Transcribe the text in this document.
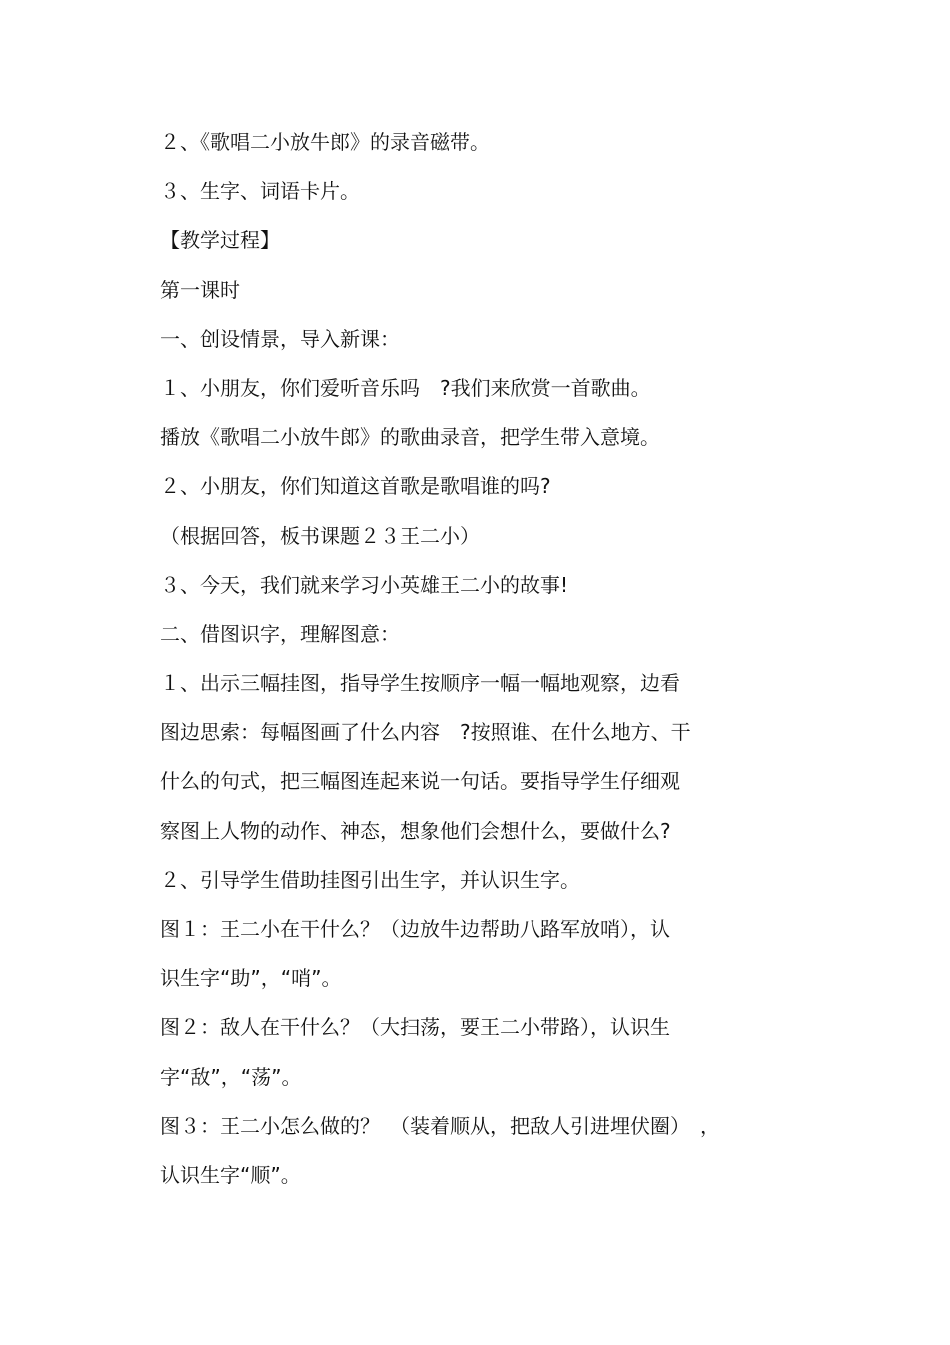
２、《歌唱二小放牛郎》的录音磁带。
３、生字、词语卡片。
【教学过程】
第一课时
一、创设情景，导入新课：
１、小朋友，你们爱听音乐吗　?我们来欣赏一首歌曲。
播放《歌唱二小放牛郎》的歌曲录音，把学生带入意境。
２、小朋友，你们知道这首歌是歌唱谁的吗?
（根据回答，板书课题２３王二小）
３、今天，我们就来学习小英雄王二小的故事!
二、借图识字，理解图意：
１、出示三幅挂图，指导学生按顺序一幅一幅地观察，边看
图边思索：每幅图画了什么内容　?按照谁、在什么地方、干
什么的句式，把三幅图连起来说一句话。要指导学生仔细观
察图上人物的动作、神态，想象他们会想什么，要做什么?
２、引导学生借助挂图引出生字，并认识生字。
图１：王二小在干什么？（边放牛边帮助八路军放哨），认
识生字“助”，“哨”。
图２：敌人在干什么？（大扫荡，要王二小带路），认识生
字“敌”，“荡”。
图３：王二小怎么做的？　（装着顺从，把敌人引进埋伏圈）　，
认识生字“顺”。
